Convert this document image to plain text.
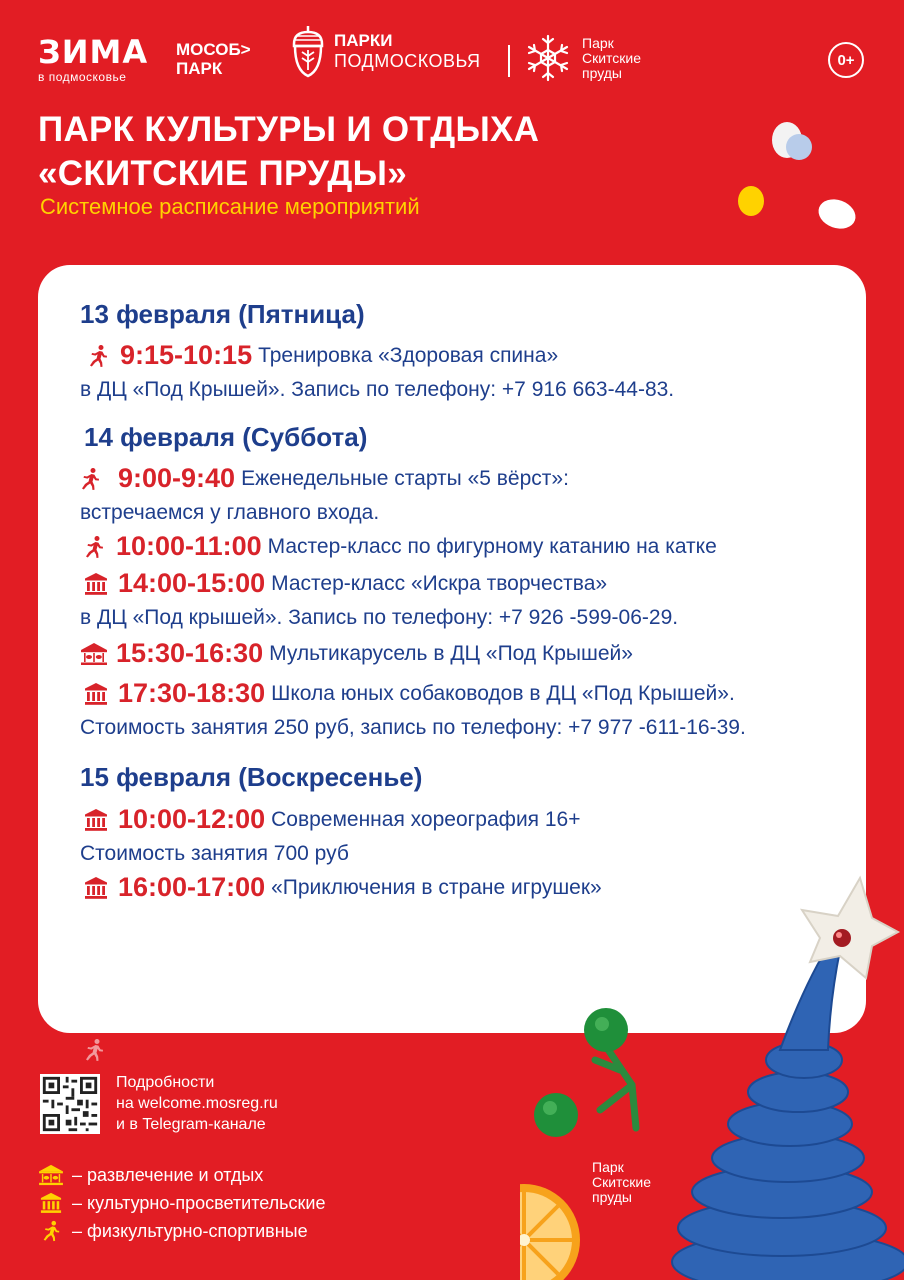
ЗИМА
в подмосковье
МОСОБ>
ПАРК
ПАРКИ
ПОДМОСКОВЬЯ
Парк
Скитские
пруды
0+
ПАРК КУЛЬТУРЫ И ОТДЫХА
«СКИТСКИЕ ПРУДЫ»
Системное расписание мероприятий
13 февраля (Пятница)
9:15-10:15 Тренировка «Здоровая спина»
в ДЦ «Под Крышей». Запись по телефону: +7 916 663-44-83.
14 февраля (Суббота)
9:00-9:40 Еженедельные старты «5 вёрст»:
встречаемся у главного входа.
10:00-11:00 Мастер-класс по фигурному катанию на катке
14:00-15:00 Мастер-класс «Искра творчества»
в ДЦ «Под крышей». Запись по телефону: +7 926 -599-06-29.
15:30-16:30 Мультикарусель в ДЦ «Под Крышей»
17:30-18:30 Школа юных собаководов в ДЦ «Под Крышей».
Стоимость занятия 250 руб, запись по телефону: +7 977 -611-16-39.
15 февраля (Воскресенье)
10:00-12:00 Современная хореография 16+
Стоимость занятия 700 руб
16:00-17:00 «Приключения в стране игрушек»
Подробности
на welcome.mosreg.ru
и в Telegram-канале
– развлечение и отдых
– культурно-просветительские
– физкультурно-спортивные
Парк
Скитские
пруды
